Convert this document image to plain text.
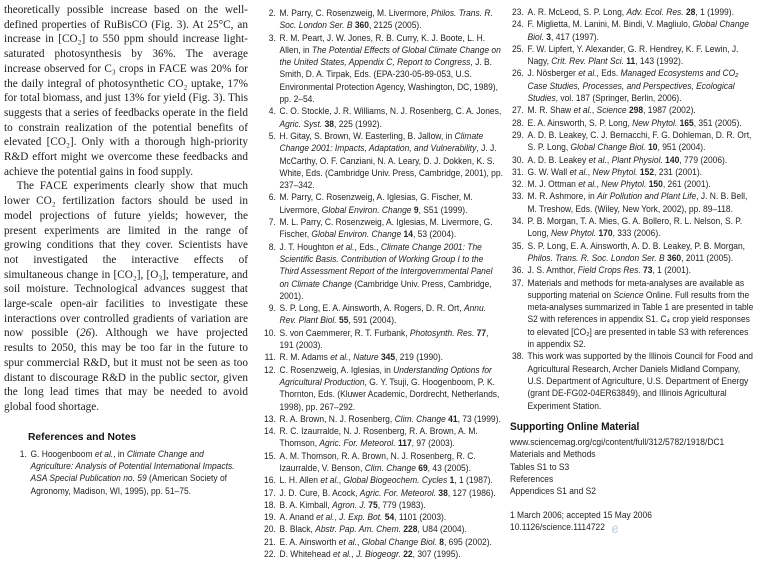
theoretically possible increase based on the well-defined properties of RuBisCO (Fig. 3). At 25°C, an increase in [CO₂] to 550 ppm should increase light-saturated photosynthesis by 36%. The average increase observed for C₃ crops in FACE was 20% for the daily integral of photosynthetic CO₂ uptake, 17% for total biomass, and just 13% for yield (Fig. 3). This suggests that a series of feedbacks operate in the field to constrain realization of the potential benefits of elevated [CO₂]. Only with a thorough high-priority R&D effort might we overcome these feedbacks and achieve the potential gains in food supply.

The FACE experiments clearly show that much lower CO₂ fertilization factors should be used in model projections of future yields; however, the present experiments are limited in the range of growing conditions that they cover. Scientists have not investigated the interactive effects of simultaneous change in [CO₂], [O₃], temperature, and soil moisture. Technological advances suggest that large-scale open-air facilities to investigate these interactions over controlled gradients of variation are now possible (26). Although we have projected results to 2050, this may be too far in the future to spur commercial R&D, but it must not be seen as too distant to discourage R&D in the public sector, given the long lead times that may be needed to avoid global food shortage.

References and Notes
1. G. Hoogenboom et al., in Climate Change and Agriculture: Analysis of Potential International Impacts. ASA Special Publication no. 59 (American Society of Agronomy, Madison, WI, 1995), pp. 51–75.
2. M. Parry, C. Rosenzweig, M. Livermore, Philos. Trans. R. Soc. London Ser. B 360, 2125 (2005).
3. R. M. Peart, J. W. Jones, R. B. Curry, K. J. Boote, L. H. Allen, in The Potential Effects of Global Climate Change on the United States, Appendix C, Report to Congress, J. B. Smith, D. A. Tirpak, Eds. (EPA-230-05-89-053, U.S. Environmental Protection Agency, Washington, DC, 1989), pp. 2–54.
4. C. O. Stockle, J. R. Williams, N. J. Rosenberg, C. A. Jones, Agric. Syst. 38, 225 (1992).
5. H. Gitay, S. Brown, W. Easterling, B. Jallow, in Climate Change 2001: Impacts, Adaptation, and Vulnerability, J. J. McCarthy, O. F. Canziani, N. A. Leary, D. J. Dokken, K. S. White, Eds. (Cambridge Univ. Press, Cambridge, 2001), pp. 237–342.
6. M. Parry, C. Rosenzweig, A. Iglesias, G. Fischer, M. Livermore, Global Environ. Change 9, S51 (1999).
7. M. L. Parry, C. Rosenzweig, A. Iglesias, M. Livermore, G. Fischer, Global Environ. Change 14, 53 (2004).
8. J. T. Houghton et al., Eds., Climate Change 2001: The Scientific Basis. Contribution of Working Group I to the Third Assessment Report of the Intergovernmental Panel on Climate Change (Cambridge Univ. Press, Cambridge, 2001).
9. S. P. Long, E. A. Ainsworth, A. Rogers, D. R. Ort, Annu. Rev. Plant Biol. 55, 591 (2004).
10. S. von Caemmerer, R. T. Furbank, Photosynth. Res. 77, 191 (2003).
11. R. M. Adams et al., Nature 345, 219 (1990).
12. C. Rosenzweig, A. Iglesias, in Understanding Options for Agricultural Production, G. Y. Tsuji, G. Hoogenboom, P. K. Thornton, Eds. (Kluwer Academic, Dordrecht, Netherlands, 1998), pp. 267–292.
13. R. A. Brown, N. J. Rosenberg, Clim. Change 41, 73 (1999).
14. R. C. Izaurralde, N. J. Rosenberg, R. A. Brown, A. M. Thomson, Agric. For. Meteorol. 117, 97 (2003).
15. A. M. Thomson, R. A. Brown, N. J. Rosenberg, R. C. Izaurralde, V. Benson, Clim. Change 69, 43 (2005).
16. L. H. Allen et al., Global Biogeochem. Cycles 1, 1 (1987).
17. J. D. Cure, B. Acock, Agric. For. Meteorol. 38, 127 (1986).
18. B. A. Kimball, Agron. J. 75, 779 (1983).
19. A. Anand et al., J. Exp. Bot. 54, 1101 (2003).
20. B. Black, Abstr. Pap. Am. Chem. 228, U84 (2004).
21. E. A. Ainsworth et al., Global Change Biol. 8, 695 (2002).
22. D. Whitehead et al., J. Biogeogr. 22, 307 (1995).
23. A. R. McLeod, S. P. Long, Adv. Ecol. Res. 28, 1 (1999).
24. F. Miglietta, M. Lanini, M. Bindi, V. Magliulo, Global Change Biol. 3, 417 (1997).
25. F. W. Lipfert, Y. Alexander, G. R. Hendrey, K. F. Lewin, J. Nagy, Crit. Rev. Plant Sci. 11, 143 (1992).
26. J. Nösberger et al., Eds. Managed Ecosystems and CO₂ Case Studies, Processes, and Perspectives, Ecological Studies, vol. 187 (Springer, Berlin, 2006).
27. M. R. Shaw et al., Science 298, 1987 (2002).
28. E. A. Ainsworth, S. P. Long, New Phytol. 165, 351 (2005).
29. A. D. B. Leakey, C. J. Bernacchi, F. G. Dohleman, D. R. Ort, S. P. Long, Global Change Biol. 10, 951 (2004).
30. A. D. B. Leakey et al., Plant Physiol. 140, 779 (2006).
31. G. W. Wall et al., New Phytol. 152, 231 (2001).
32. M. J. Ottman et al., New Phytol. 150, 261 (2001).
33. M. R. Ashmore, in Air Pollution and Plant Life, J. N. B. Bell, M. Treshow, Eds. (Wiley, New York, 2002), pp. 89–118.
34. P. B. Morgan, T. A. Mies, G. A. Bollero, R. L. Nelson, S. P. Long, New Phytol. 170, 333 (2006).
35. S. P. Long, E. A. Ainsworth, A. D. B. Leakey, P. B. Morgan, Philos. Trans. R. Soc. London Ser. B 360, 2011 (2005).
36. J. S. Amthor, Field Crops Res. 73, 1 (2001).
37. Materials and methods for meta-analyses are available as supporting material on Science Online. Full results from the meta-analyses summarized in Table 1 are presented in table S2 with references in appendix S1. C₄ crop yield responses to elevated [CO₂] are presented in table S3 with references in appendix S2.
38. This work was supported by the Illinois Council for Food and Agricultural Research, Archer Daniels Midland Company, U.S. Department of Agriculture, U.S. Department of Energy (grant DE-FG02-04ER63849), and Illinois Agricultural Experiment Station.
Supporting Online Material
www.sciencemag.org/cgi/content/full/312/5782/1918/DC1
Materials and Methods
Tables S1 to S3
References
Appendices S1 and S2
1 March 2006; accepted 15 May 2006
10.1126/science.1114722 e
